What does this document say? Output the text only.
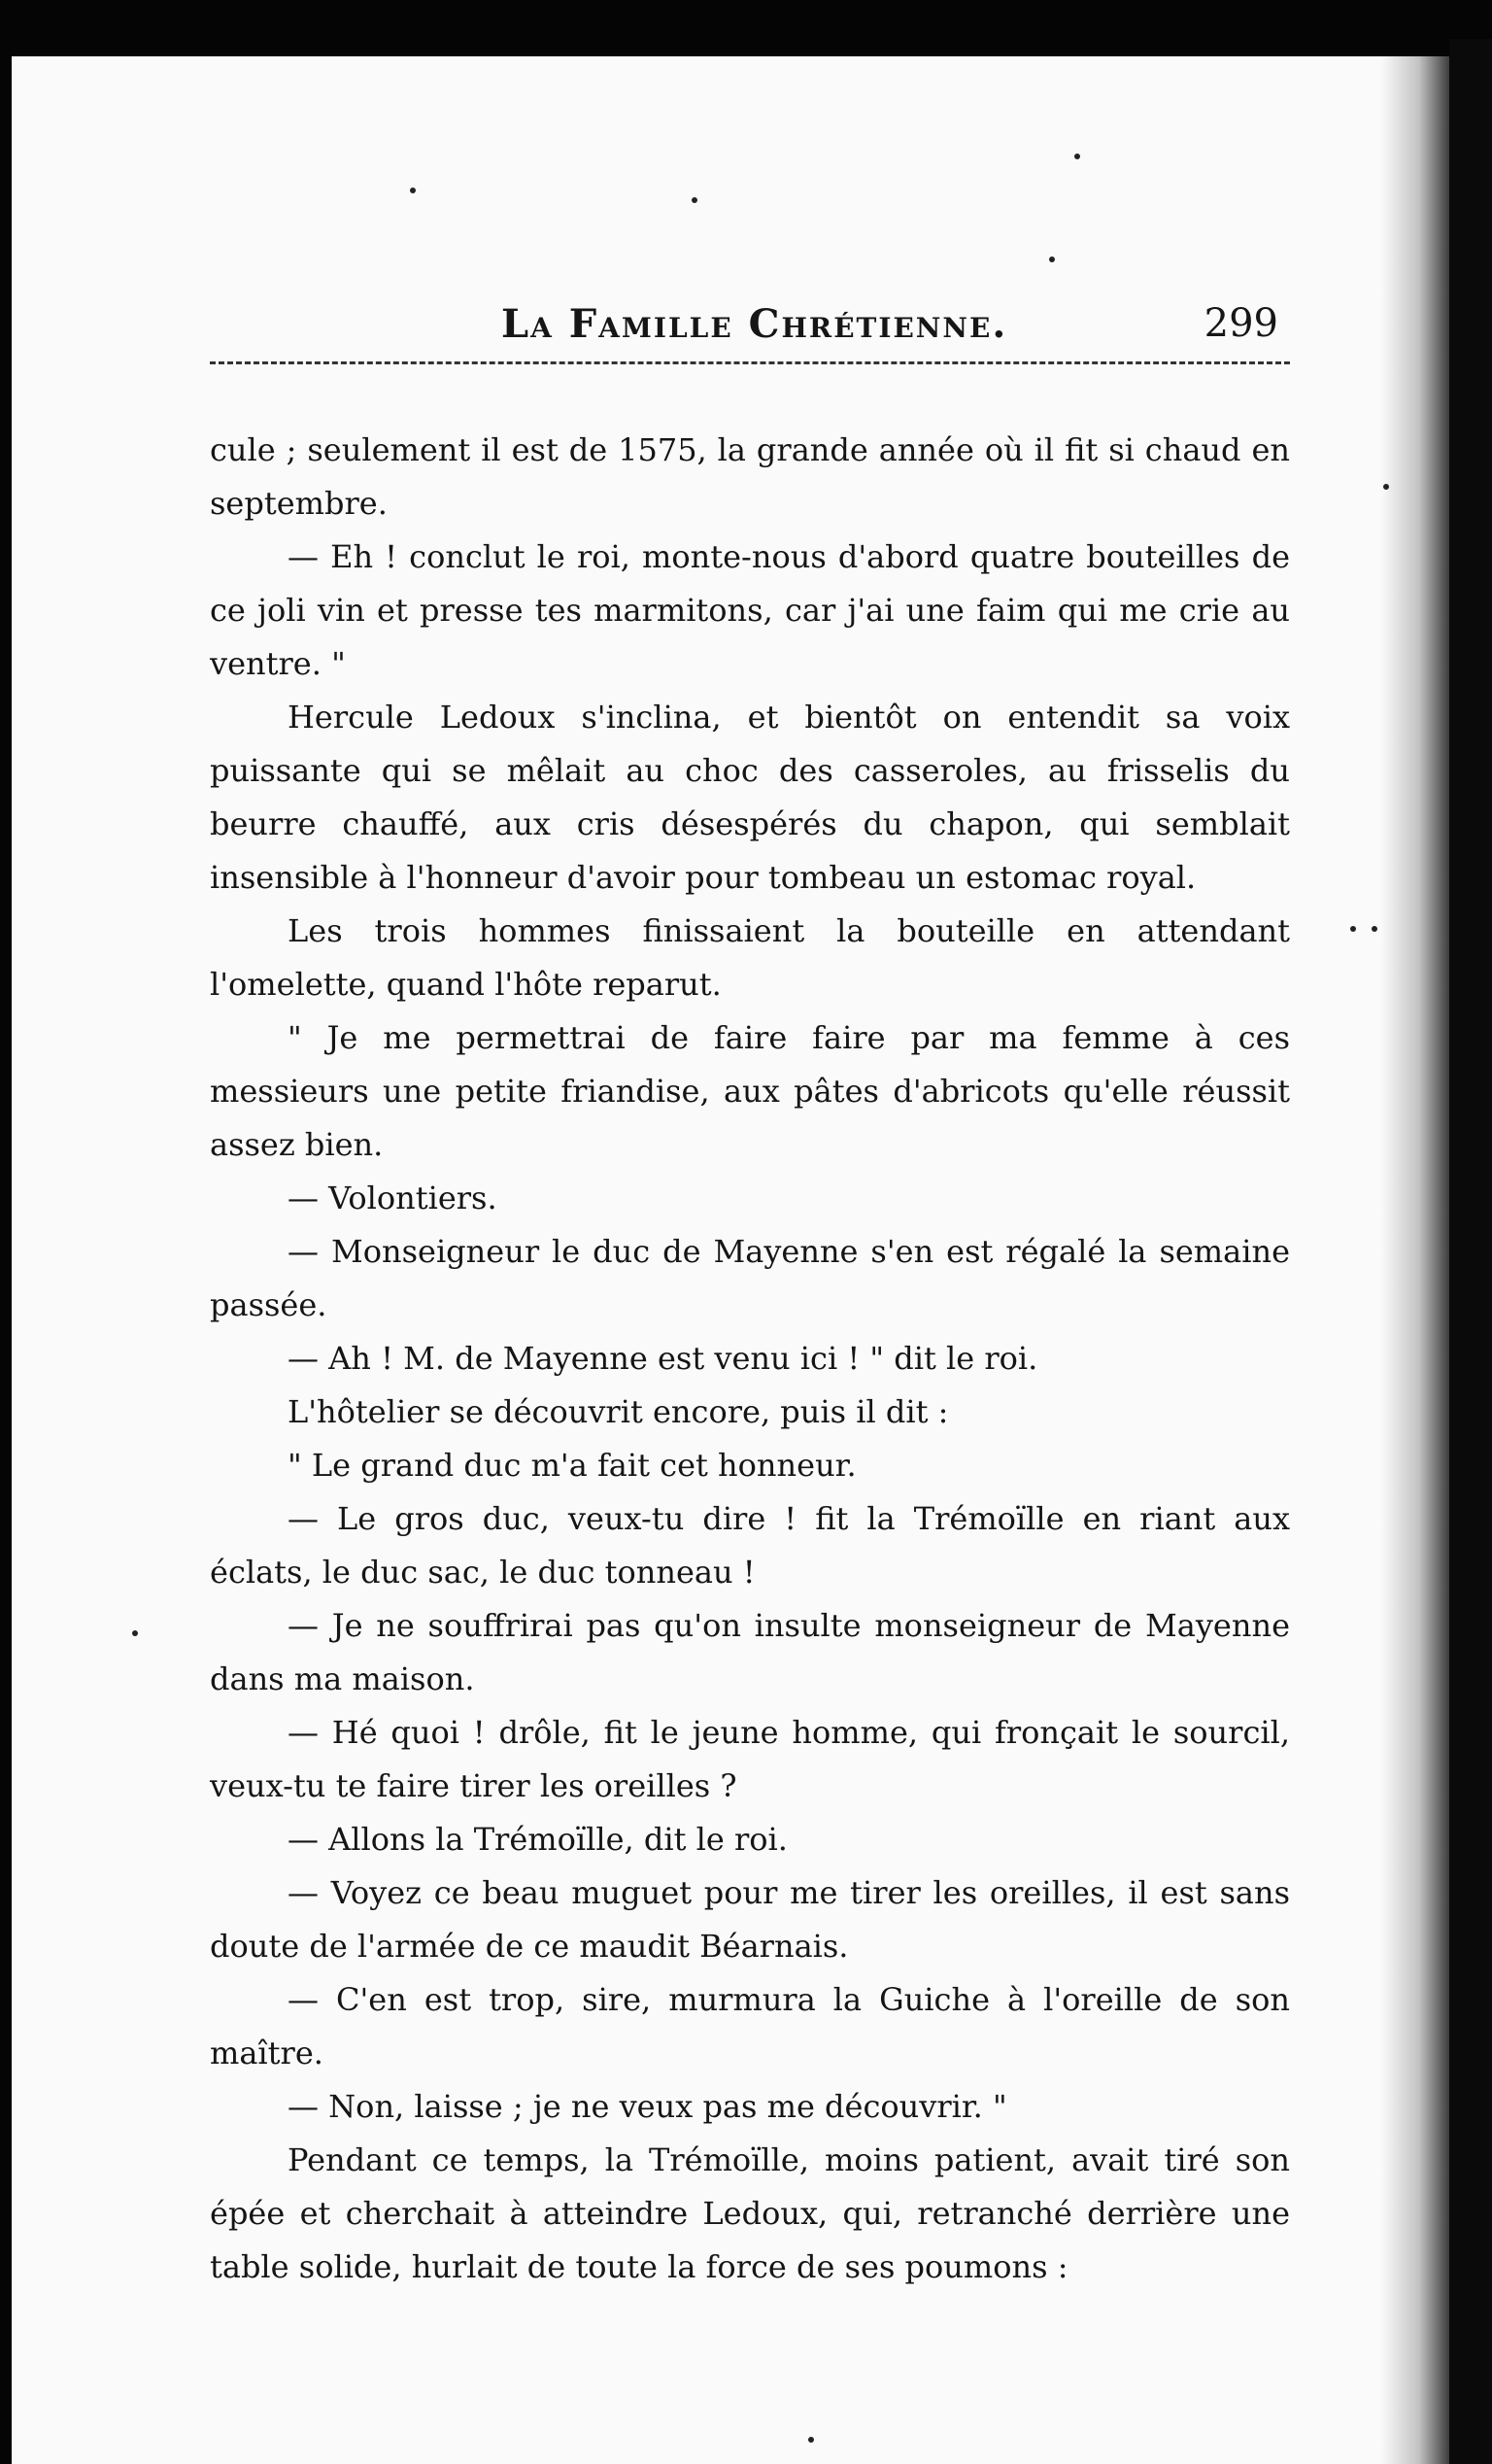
La Famille Chrétienne.	299

cule ; seulement il est de 1575, la grande année où il fit si chaud en septembre.

— Eh ! conclut le roi, monte-nous d'abord quatre bouteilles de ce joli vin et presse tes marmitons, car j'ai une faim qui me crie au ventre. "

Hercule Ledoux s'inclina, et bientôt on entendit sa voix puissante qui se mêlait au choc des casseroles, au frisselis du beurre chauffé, aux cris désespérés du chapon, qui semblait insensible à l'honneur d'avoir pour tombeau un estomac royal.

Les trois hommes finissaient la bouteille en attendant l'omelette, quand l'hôte reparut.

" Je me permettrai de faire faire par ma femme à ces messieurs une petite friandise, aux pâtes d'abricots qu'elle réussit assez bien.

— Volontiers.

— Monseigneur le duc de Mayenne s'en est régalé la semaine passée.

— Ah ! M. de Mayenne est venu ici ! " dit le roi.

L'hôtelier se découvrit encore, puis il dit :

" Le grand duc m'a fait cet honneur.

— Le gros duc, veux-tu dire ! fit la Trémoïlle en riant aux éclats, le duc sac, le duc tonneau !

— Je ne souffrirai pas qu'on insulte monseigneur de Mayenne dans ma maison.

— Hé quoi ! drôle, fit le jeune homme, qui fronçait le sourcil, veux-tu te faire tirer les oreilles ?

— Allons la Trémoïlle, dit le roi.

— Voyez ce beau muguet pour me tirer les oreilles, il est sans doute de l'armée de ce maudit Béarnais.

— C'en est trop, sire, murmura la Guiche à l'oreille de son maître.

— Non, laisse ; je ne veux pas me découvrir. "

Pendant ce temps, la Trémoïlle, moins patient, avait tiré son épée et cherchait à atteindre Ledoux, qui, retranché derrière une table solide, hurlait de toute la force de ses poumons :
